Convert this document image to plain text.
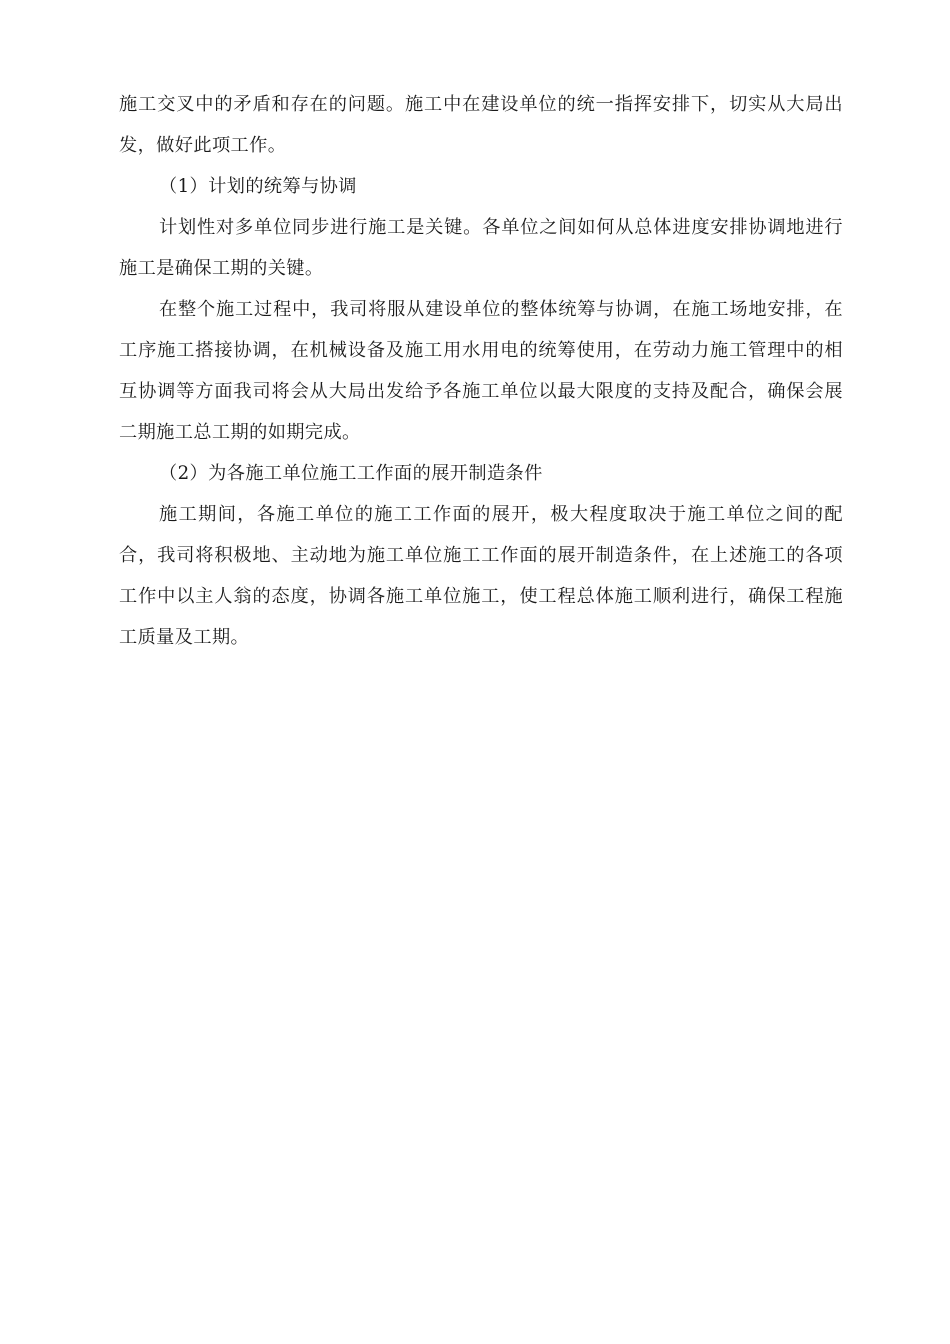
施工交叉中的矛盾和存在的问题。施工中在建设单位的统一指挥安排下，切实从大局出发，做好此项工作。

（1）计划的统筹与协调

计划性对多单位同步进行施工是关键。各单位之间如何从总体进度安排协调地进行施工是确保工期的关键。

在整个施工过程中，我司将服从建设单位的整体统筹与协调，在施工场地安排，在工序施工搭接协调，在机械设备及施工用水用电的统筹使用，在劳动力施工管理中的相互协调等方面我司将会从大局出发给予各施工单位以最大限度的支持及配合，确保会展二期施工总工期的如期完成。

（2）为各施工单位施工工作面的展开制造条件

施工期间，各施工单位的施工工作面的展开，极大程度取决于施工单位之间的配合，我司将积极地、主动地为施工单位施工工作面的展开制造条件，在上述施工的各项工作中以主人翁的态度，协调各施工单位施工，使工程总体施工顺利进行，确保工程施工质量及工期。
